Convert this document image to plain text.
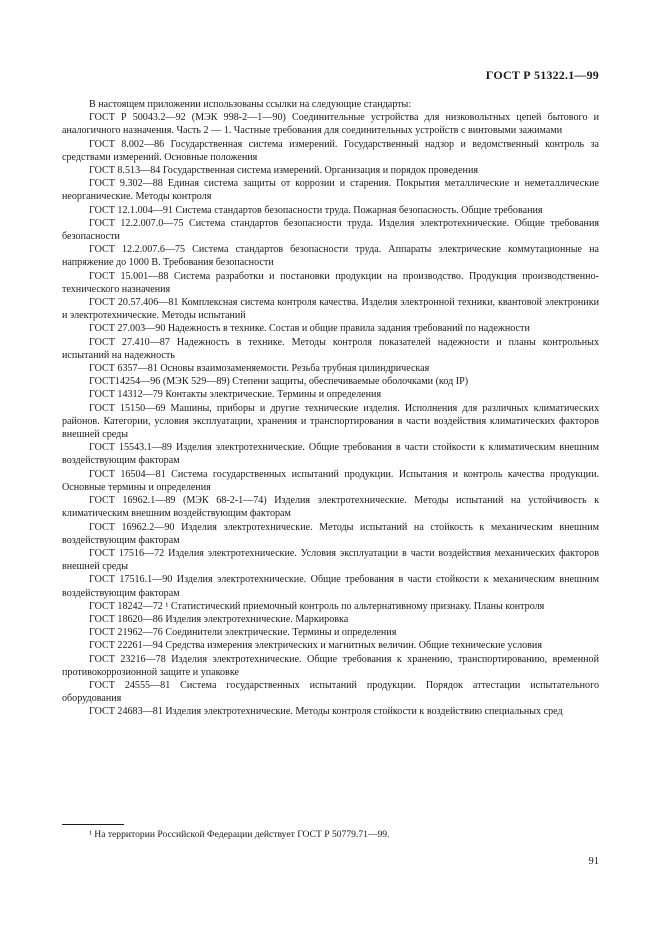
ГОСТ Р 51322.1—99

В настоящем приложении использованы ссылки на следующие стандарты:

ГОСТ Р 50043.2—92 (МЭК 998-2—1—90) Соединительные устройства для низковольтных цепей бытового и аналогичного назначения. Часть 2 — 1. Частные требования для соединительных устройств с винтовыми зажимами

ГОСТ 8.002—86 Государственная система измерений. Государственный надзор и ведомственный контроль за средствами измерений. Основные положения

ГОСТ 8.513—84 Государственная система измерений. Организация и порядок проведения

ГОСТ 9.302—88 Единая система защиты от коррозии и старения. Покрытия металлические и неметаллические неорганические. Методы контроля

ГОСТ 12.1.004—91 Система стандартов безопасности труда. Пожарная безопасность. Общие требования

ГОСТ 12.2.007.0—75 Система стандартов безопасности труда. Изделия электротехнические. Общие требования безопасности

ГОСТ 12.2.007.6—75 Система стандартов безопасности труда. Аппараты электрические коммутационные на напряжение до 1000 В. Требования безопасности

ГОСТ 15.001—88 Система разработки и постановки продукции на производство. Продукция производственно-технического назначения

ГОСТ 20.57.406—81 Комплексная система контроля качества. Изделия электронной техники, квантовой электроники и электротехнические. Методы испытаний

ГОСТ 27.003—90 Надежность в технике. Состав и общие правила задания требований по надежности

ГОСТ 27.410—87 Надежность в технике. Методы контроля показателей надежности и планы контрольных испытаний на надежность

ГОСТ 6357—81 Основы взаимозаменяемости. Резьба трубная цилиндрическая

ГОСТ14254—96 (МЭК 529—89) Степени защиты, обеспечиваемые оболочками (код IP)

ГОСТ 14312—79 Контакты электрические. Термины и определения

ГОСТ 15150—69 Машины, приборы и другие технические изделия. Исполнения для различных климатических районов. Категории, условия эксплуатации, хранения и транспортирования в части воздействия климатических факторов внешней среды

ГОСТ 15543.1—89 Изделия электротехнические. Общие требования в части стойкости к климатическим внешним воздействующим факторам

ГОСТ 16504—81 Система государственных испытаний продукции. Испытания и контроль качества продукции. Основные термины и определения

ГОСТ 16962.1—89 (МЭК 68-2-1—74) Изделия электротехнические. Методы испытаний на устойчивость к климатическим внешним воздействующим факторам

ГОСТ 16962.2—90 Изделия электротехнические. Методы испытаний на стойкость к механическим внешним воздействующим факторам

ГОСТ 17516—72 Изделия электротехнические. Условия эксплуатации в части воздействия механических факторов внешней среды

ГОСТ 17516.1—90 Изделия электротехнические. Общие требования в части стойкости к механическим внешним воздействующим факторам

ГОСТ 18242—72 ¹ Статистический приемочный контроль по альтернативному признаку. Планы контроля

ГОСТ 18620—86 Изделия электротехнические. Маркировка

ГОСТ 21962—76 Соединители электрические. Термины и определения

ГОСТ 22261—94 Средства измерения электрических и магнитных величин. Общие технические условия

ГОСТ 23216—78 Изделия электротехнические. Общие требования к хранению, транспортированию, временной противокоррозионной защите и упаковке

ГОСТ 24555—81 Система государственных испытаний продукции. Порядок аттестации испытательного оборудования

ГОСТ 24683—81 Изделия электротехнические. Методы контроля стойкости к воздействию специальных сред

¹ На территории Российской Федерации действует ГОСТ Р 50779.71—99.
91
